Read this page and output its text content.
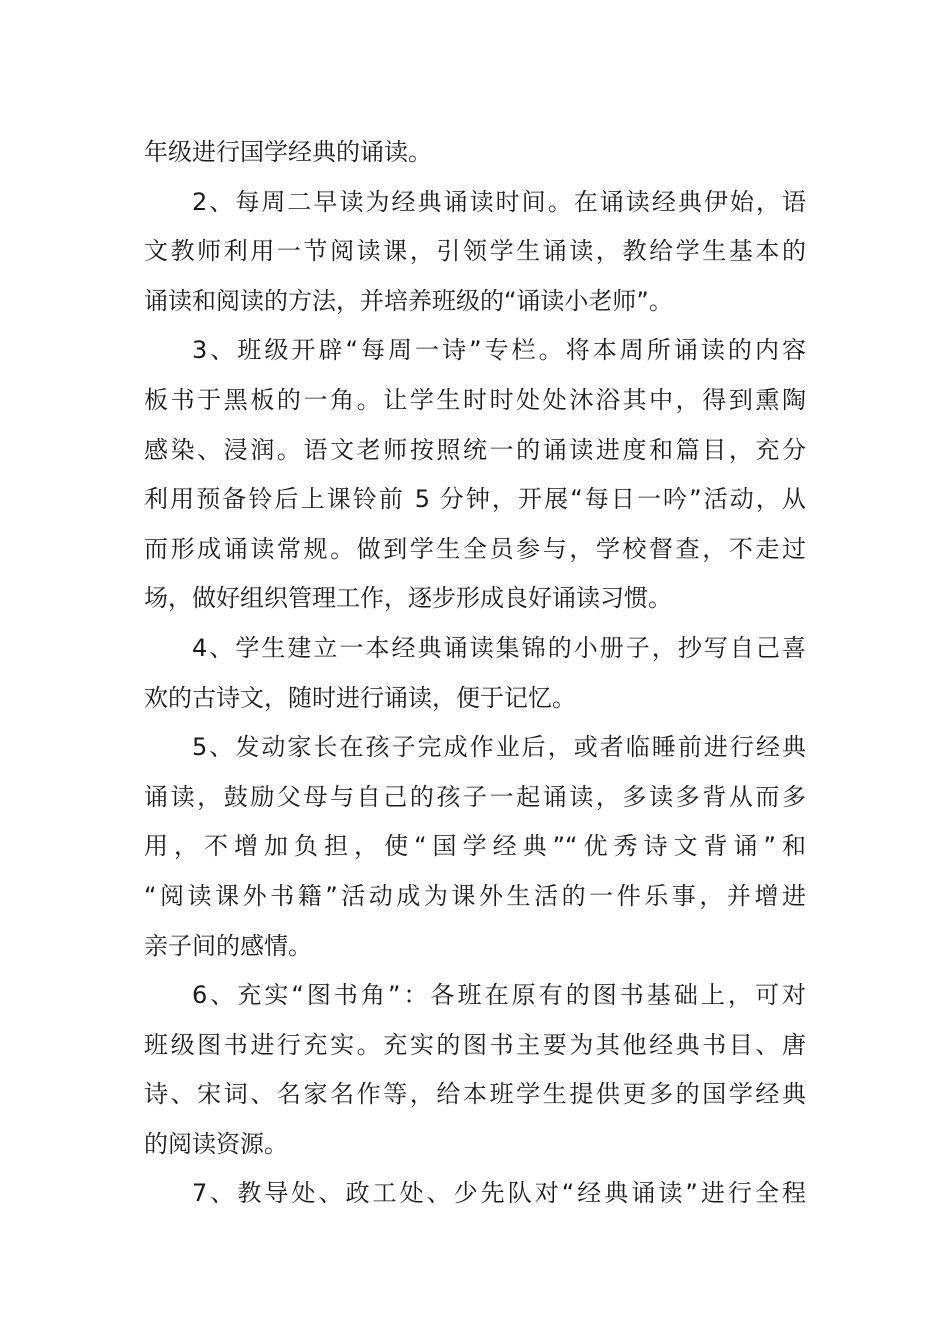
年级进行国学经典的诵读。
2、每周二早读为经典诵读时间。在诵读经典伊始，语
文教师利用一节阅读课，引领学生诵读，教给学生基本的
诵读和阅读的方法，并培养班级的“诵读小老师”。
3、班级开辟“每周一诗”专栏。将本周所诵读的内容
板书于黑板的一角。让学生时时处处沐浴其中，得到熏陶
感染、浸润。语文老师按照统一的诵读进度和篇目，充分
利用预备铃后上课铃前 5 分钟，开展“每日一吟”活动，从
而形成诵读常规。做到学生全员参与，学校督查，不走过
场，做好组织管理工作，逐步形成良好诵读习惯。
4、学生建立一本经典诵读集锦的小册子，抄写自己喜
欢的古诗文，随时进行诵读，便于记忆。
5、发动家长在孩子完成作业后，或者临睡前进行经典
诵读，鼓励父母与自己的孩子一起诵读，多读多背从而多
用，不增加负担，使“国学经典”“优秀诗文背诵”和
“阅读课外书籍”活动成为课外生活的一件乐事，并增进
亲子间的感情。
6、充实“图书角”：各班在原有的图书基础上，可对
班级图书进行充实。充实的图书主要为其他经典书目、唐
诗、宋词、名家名作等，给本班学生提供更多的国学经典
的阅读资源。
7、教导处、政工处、少先队对“经典诵读”进行全程
